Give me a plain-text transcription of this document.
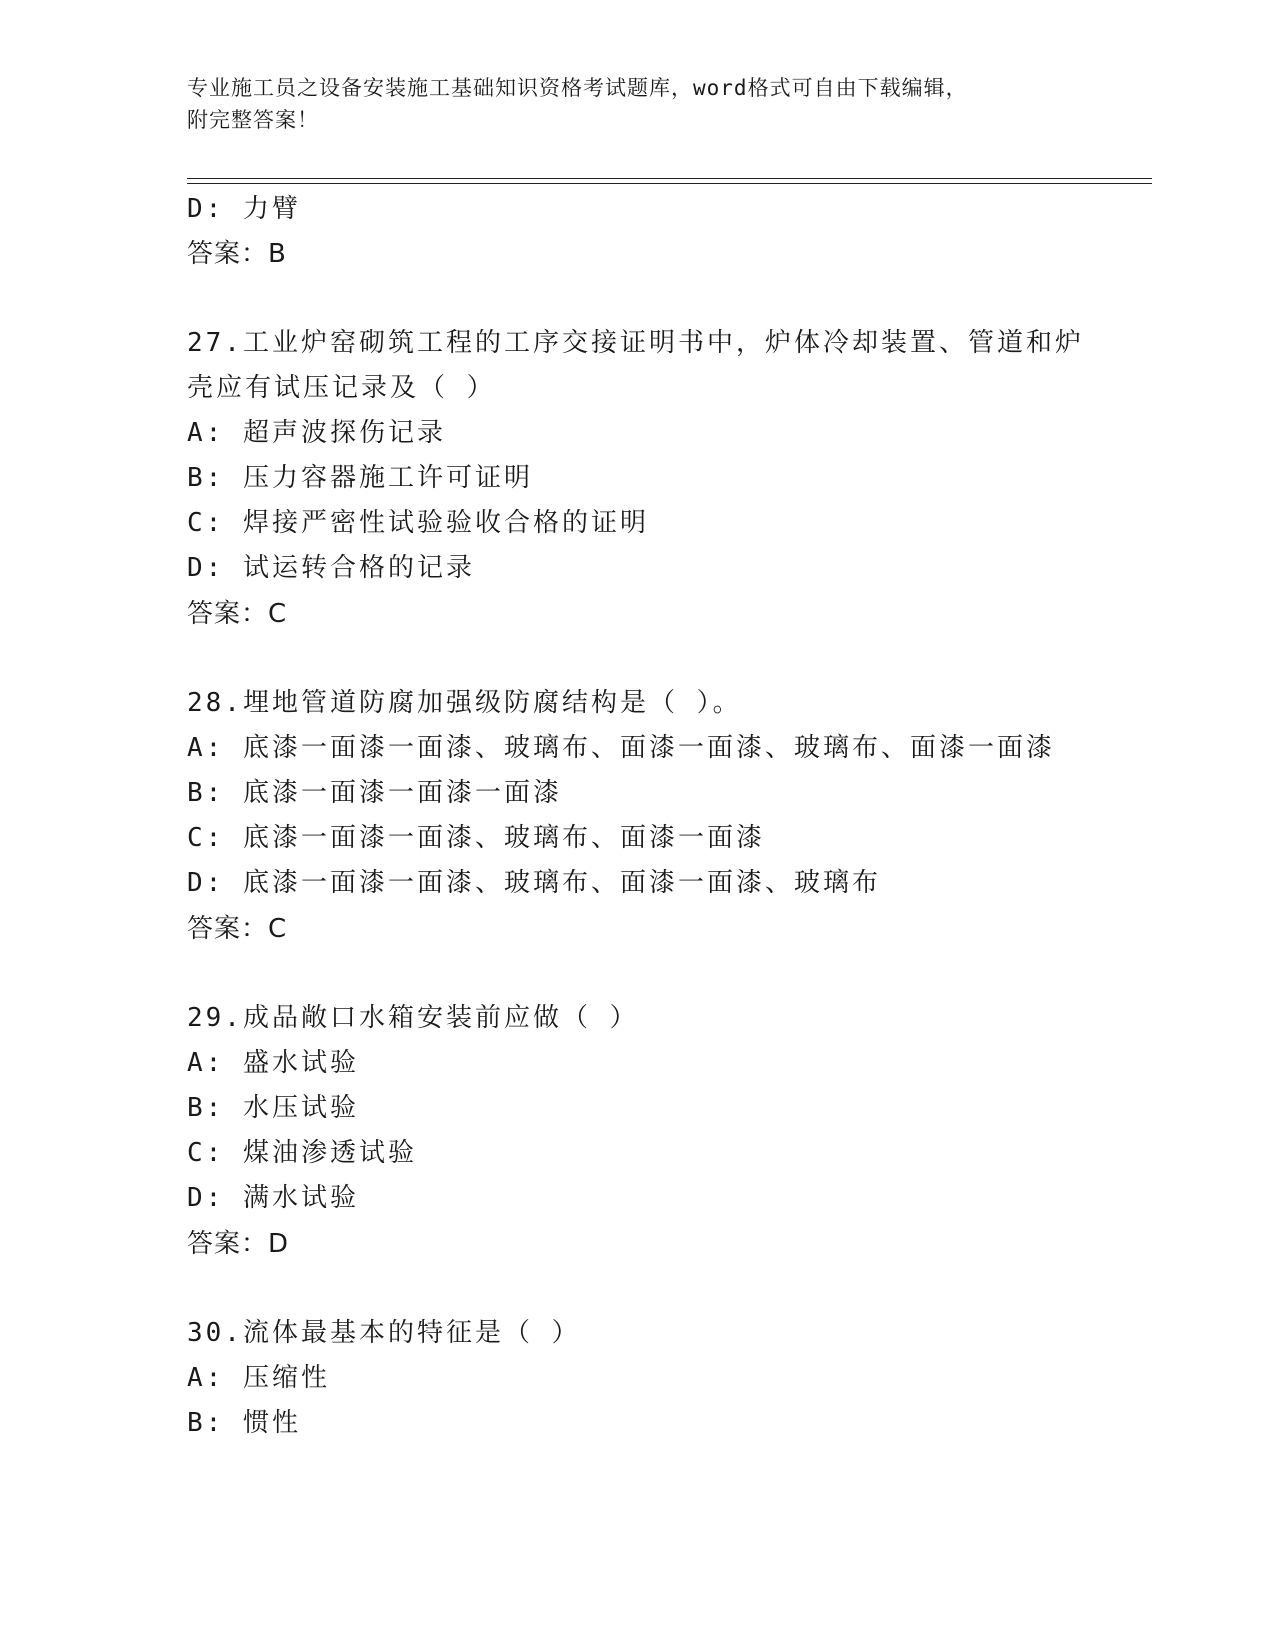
专业施工员之设备安装施工基础知识资格考试题库，word格式可自由下载编辑，
附完整答案！
D: 力臂
答案：B
27.工业炉窑砌筑工程的工序交接证明书中，炉体冷却装置、管道和炉
壳应有试压记录及（ ）
A: 超声波探伤记录
B: 压力容器施工许可证明
C: 焊接严密性试验验收合格的证明
D: 试运转合格的记录
答案：C
28.埋地管道防腐加强级防腐结构是（ ）。
A: 底漆一面漆一面漆、玻璃布、面漆一面漆、玻璃布、面漆一面漆
B: 底漆一面漆一面漆一面漆
C: 底漆一面漆一面漆、玻璃布、面漆一面漆
D: 底漆一面漆一面漆、玻璃布、面漆一面漆、玻璃布
答案：C
29.成品敞口水箱安装前应做（ ）
A: 盛水试验
B: 水压试验
C: 煤油渗透试验
D: 满水试验
答案：D
30.流体最基本的特征是（ ）
A: 压缩性
B: 惯性
